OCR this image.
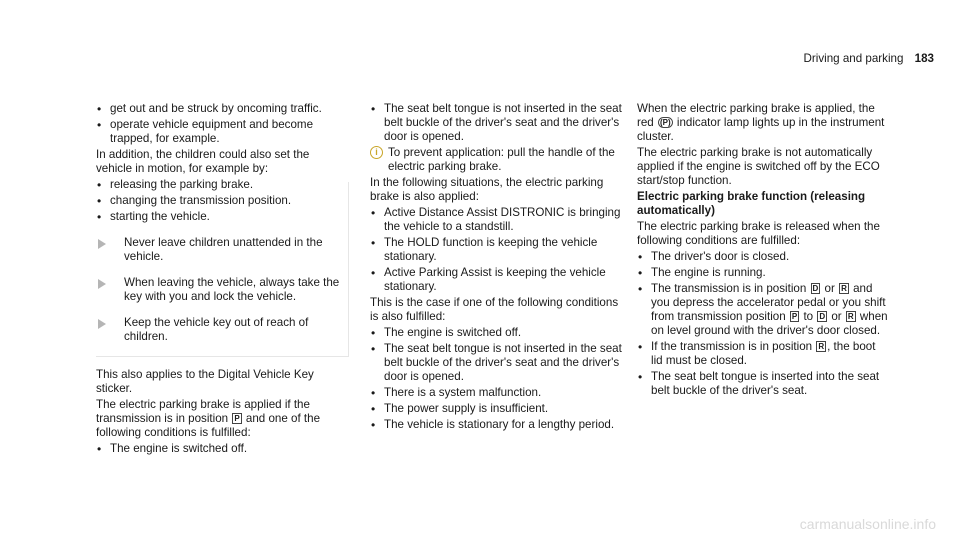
Driving and parking 183
• get out and be struck by oncoming traffic.
• operate vehicle equipment and become trapped, for example.

In addition, the children could also set the vehicle in motion, for example by:

• releasing the parking brake.
• changing the transmission position.
• starting the vehicle.
Never leave children unattended in the vehicle.
When leaving the vehicle, always take the key with you and lock the vehicle.
Keep the vehicle key out of reach of children.

This also applies to the Digital Vehicle Key sticker.

The electric parking brake is applied if the transmission is in position P and one of the following conditions is fulfilled:

• The engine is switched off.
• The seat belt tongue is not inserted in the seat belt buckle of the driver's seat and the driver's door is opened.
i To prevent application: pull the handle of the electric parking brake.

In the following situations, the electric parking brake is also applied:

• Active Distance Assist DISTRONIC is bringing the vehicle to a standstill.
• The HOLD function is keeping the vehicle stationary.
• Active Parking Assist is keeping the vehicle stationary.

This is the case if one of the following conditions is also fulfilled:

• The engine is switched off.
• The seat belt tongue is not inserted in the seat belt buckle of the driver's seat and the driver's door is opened.
• There is a system malfunction.
• The power supply is insufficient.
• The vehicle is stationary for a lengthy period.

When the electric parking brake is applied, the red (P) indicator lamp lights up in the instrument cluster.

The electric parking brake is not automatically applied if the engine is switched off by the ECO start/stop function.

Electric parking brake function (releasing automatically)

The electric parking brake is released when the following conditions are fulfilled:

• The driver's door is closed.
• The engine is running.
• The transmission is in position D or R and you depress the accelerator pedal or you shift from transmission position P to D or R when on level ground with the driver's door closed.
• If the transmission is in position R , the boot lid must be closed.
• The seat belt tongue is inserted into the seat belt buckle of the driver's seat.
carmanualsonline.info
